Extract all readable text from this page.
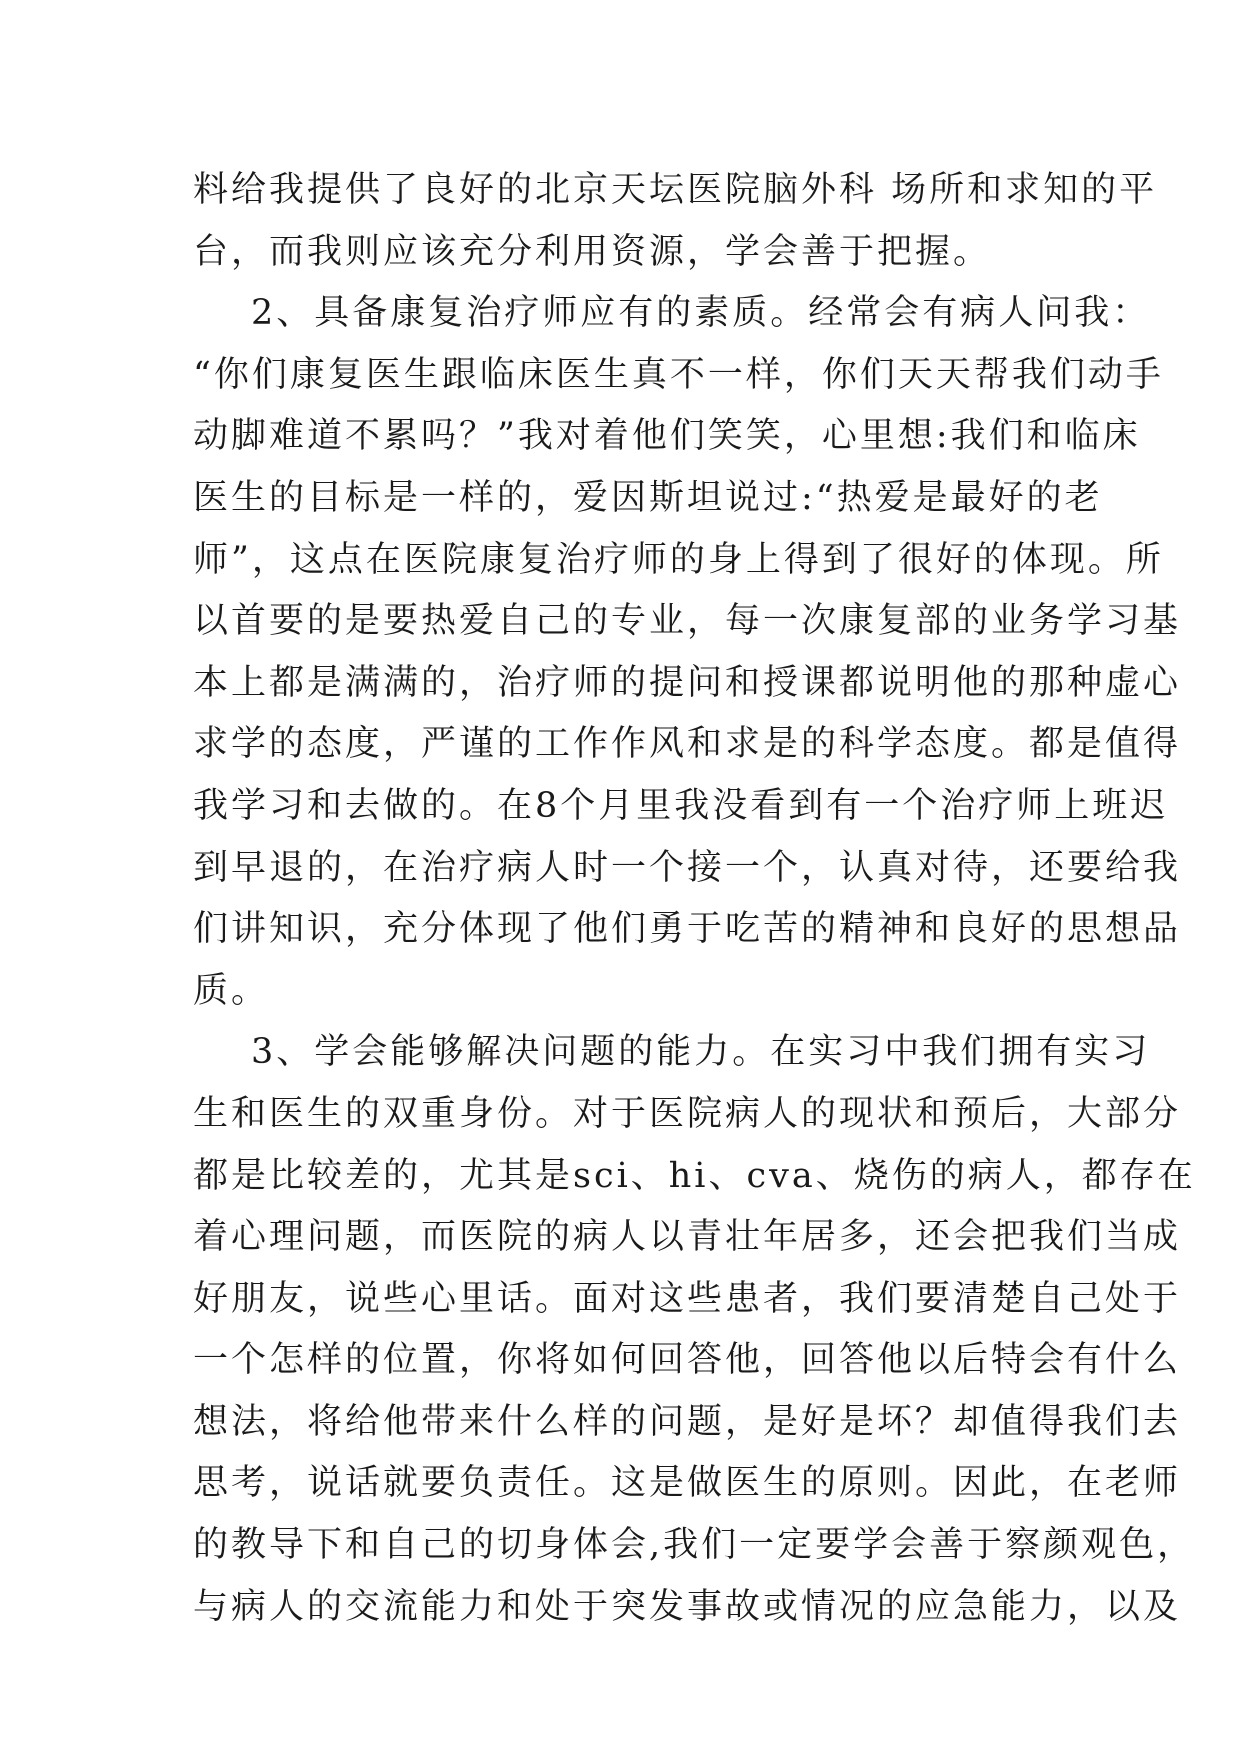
料给我提供了良好的北京天坛医院脑外科 场所和求知的平
台，而我则应该充分利用资源，学会善于把握。
2、具备康复治疗师应有的素质。经常会有病人问我：
“你们康复医生跟临床医生真不一样，你们天天帮我们动手
动脚难道不累吗？”我对着他们笑笑，心里想:我们和临床
医生的目标是一样的，爱因斯坦说过:“热爱是最好的老
师”，这点在医院康复治疗师的身上得到了很好的体现。所
以首要的是要热爱自己的专业，每一次康复部的业务学习基
本上都是满满的，治疗师的提问和授课都说明他的那种虚心
求学的态度，严谨的工作作风和求是的科学态度。都是值得
我学习和去做的。在8个月里我没看到有一个治疗师上班迟
到早退的，在治疗病人时一个接一个，认真对待，还要给我
们讲知识，充分体现了他们勇于吃苦的精神和良好的思想品
质。
3、学会能够解决问题的能力。在实习中我们拥有实习
生和医生的双重身份。对于医院病人的现状和预后，大部分
都是比较差的，尤其是sci、hi、cva、烧伤的病人，都存在
着心理问题，而医院的病人以青壮年居多，还会把我们当成
好朋友，说些心里话。面对这些患者，我们要清楚自己处于
一个怎样的位置，你将如何回答他，回答他以后特会有什么
想法，将给他带来什么样的问题，是好是坏？却值得我们去
思考，说话就要负责任。这是做医生的原则。因此，在老师
的教导下和自己的切身体会,我们一定要学会善于察颜观色，
与病人的交流能力和处于突发事故或情况的应急能力，以及
